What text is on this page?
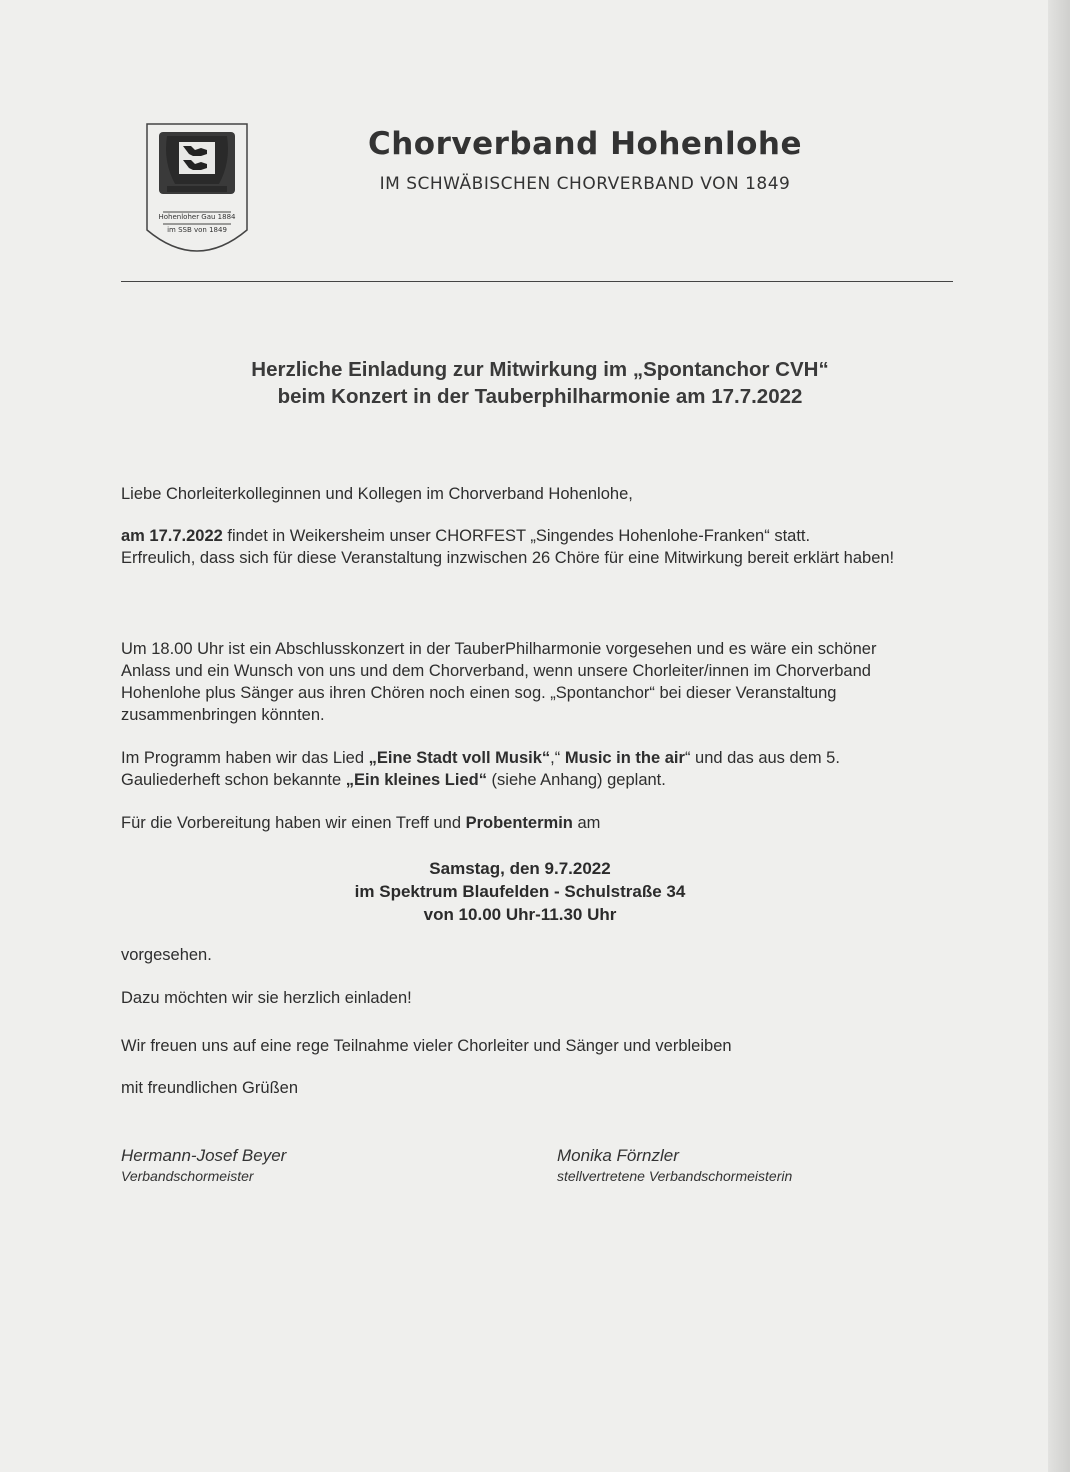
Hohenloher Gau 1884
im SSB von 1849
Chorverband Hohenlohe
IM SCHWÄBISCHEN CHORVERBAND VON 1849
Herzliche Einladung zur Mitwirkung im „Spontanchor CVH“
beim Konzert in der Tauberphilharmonie am 17.7.2022

Liebe Chorleiterkolleginnen und Kollegen im Chorverband Hohenlohe,

am 17.7.2022 findet in Weikersheim unser CHORFEST „Singendes Hohenlohe-Franken“ statt.

Erfreulich, dass sich für diese Veranstaltung inzwischen 26 Chöre für eine Mitwirkung bereit erklärt haben!

Um 18.00 Uhr ist ein Abschlusskonzert in der TauberPhilharmonie vorgesehen und es wäre ein schöner Anlass und ein Wunsch von uns und dem Chorverband, wenn unsere Chorleiter/innen im Chorverband Hohenlohe plus Sänger aus ihren Chören noch einen sog. „Spontanchor“ bei dieser Veranstaltung zusammenbringen könnten.

Im Programm haben wir das Lied „Eine Stadt voll Musik“,“ Music in the air“ und das aus dem 5. Gauliederheft schon bekannte „Ein kleines Lied“ (siehe Anhang) geplant.

Für die Vorbereitung haben wir einen Treff und Probentermin am

Samstag, den 9.7.2022
im Spektrum Blaufelden - Schulstraße 34
von 10.00 Uhr-11.30 Uhr
vorgesehen.
Dazu möchten wir sie herzlich einladen!
Wir freuen uns auf eine rege Teilnahme vieler Chorleiter und Sänger und verbleiben
mit freundlichen Grüßen
Hermann-Josef Beyer
Verbandschormeister
Monika Förnzler
stellvertretene Verbandschormeisterin
